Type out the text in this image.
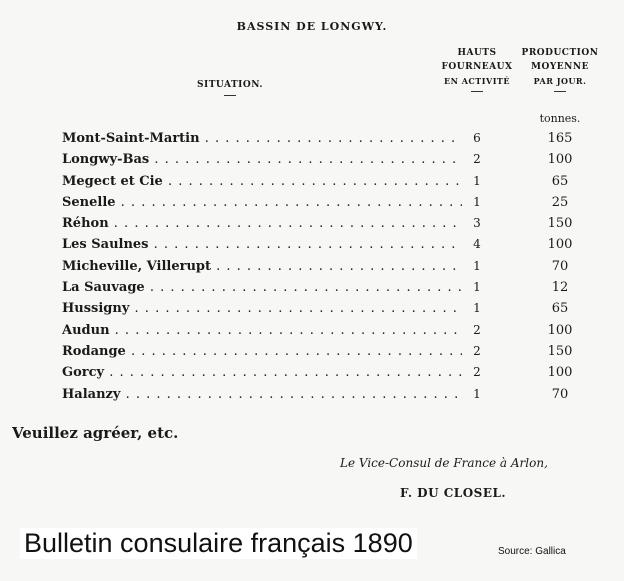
BASSIN DE LONGWY.
SITUATION.
HAUTS
FOURNEAUX
EN ACTIVITÉ
PRODUCTION
MOYENNE
PAR JOUR.
tonnes.
Mont-Saint-Martin . . .	6	165
Longwy-Bas . . .	2	100
Megect et Cie . . .	1	65
Senelle . . .	1	25
Réhon . . .	3	150
Les Saulnes . . .	4	100
Micheville, Villerupt . . .	1	70
La Sauvage . . .	1	12
Hussigny . . .	1	65
Audun . . .	2	100
Rodange . . .	2	150
Gorcy . . .	2	100
Halanzy . . .	1	70
Veuillez agréer, etc.
Le Vice-Consul de France à Arlon,
F. DU CLOSEL.
Bulletin consulaire français 1890	Source: Gallica
